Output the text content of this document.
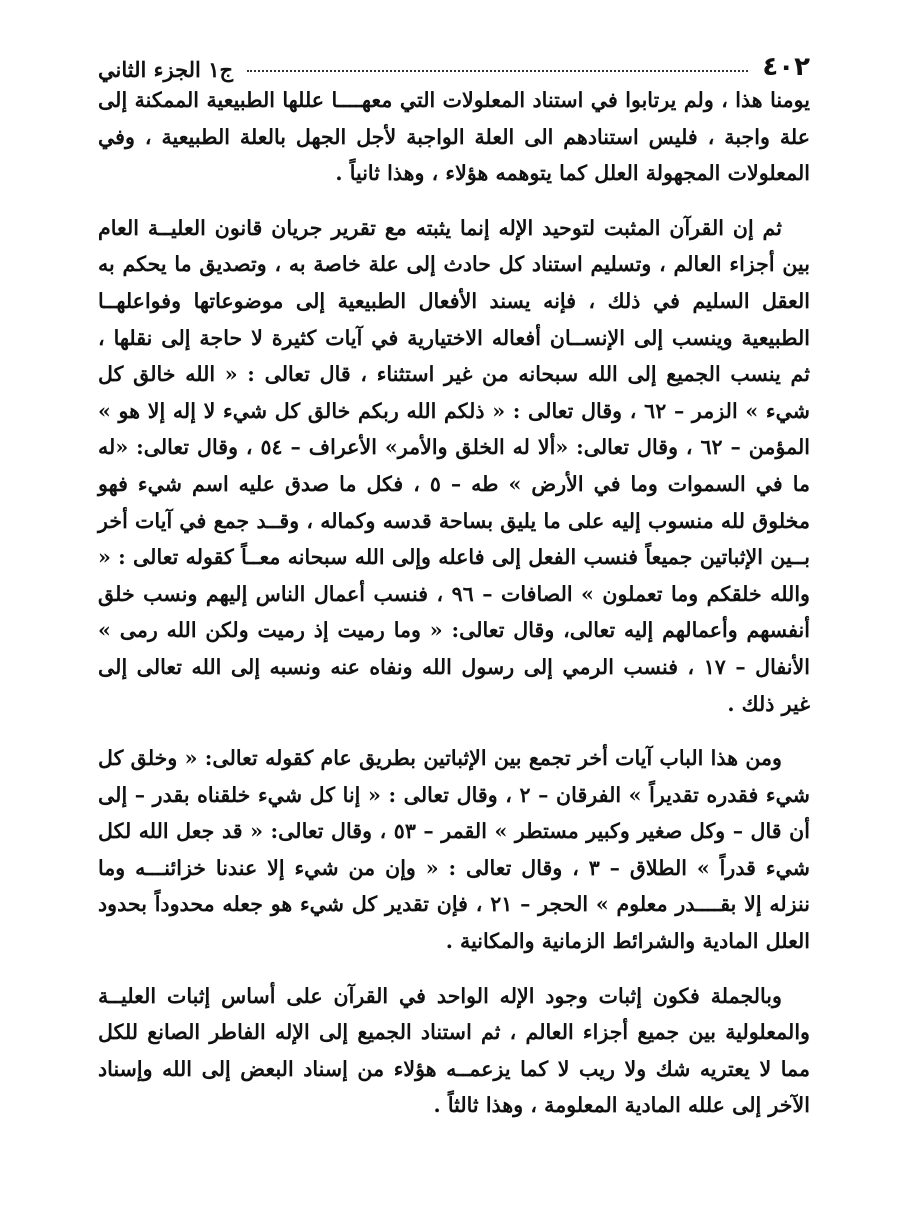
٤٠٢
ج١ الجزء الثاني

يومنا هذا ، ولم يرتابوا في استناد المعلولات التي معهــــا عللها الطبيعية الممكنة إلى علة واجبة ، فليس استنادهم الى العلة الواجبة لأجل الجهل بالعلة الطبيعية ، وفي المعلولات المجهولة العلل كما يتوهمه هؤلاء ، وهذا ثانياً .

ثم إن القرآن المثبت لتوحيد الإله إنما يثبته مع تقرير جريان قانون العليــة العام بين أجزاء العالم ، وتسليم استناد كل حادث إلى علة خاصة به ، وتصديق ما يحكم به العقل السليم في ذلك ، فإنه يسند الأفعال الطبيعية إلى موضوعاتها وفواعلهــا الطبيعية وينسب إلى الإنســان أفعاله الاختيارية في آيات كثيرة لا حاجة إلى نقلها ، ثم ينسب الجميع إلى الله سبحانه من غير استثناء ، قال تعالى : « الله خالق كل شيء » الزمر – ٦٢ ، وقال تعالى : « ذلكم الله ربكم خالق كل شيء لا إله إلا هو » المؤمن – ٦٢ ، وقال تعالى: «ألا له الخلق والأمر» الأعراف – ٥٤ ، وقال تعالى: «له ما في السموات وما في الأرض » طه – ٥ ، فكل ما صدق عليه اسم شيء فهو مخلوق لله منسوب إليه على ما يليق بساحة قدسه وكماله ، وقــد جمع في آيات أخر بــين الإثباتين جميعاً فنسب الفعل إلى فاعله وإلى الله سبحانه معــاً كقوله تعالى : « والله خلقكم وما تعملون » الصافات – ٩٦ ، فنسب أعمال الناس إليهم ونسب خلق أنفسهم وأعمالهم إليه تعالى، وقال تعالى: « وما رميت إذ رميت ولكن الله رمى » الأنفال – ١٧ ، فنسب الرمي إلى رسول الله ونفاه عنه ونسبه إلى الله تعالى إلى غير ذلك .

ومن هذا الباب آيات أخر تجمع بين الإثباتين بطريق عام كقوله تعالى: « وخلق كل شيء فقدره تقديراً » الفرقان – ٢ ، وقال تعالى : « إنا كل شيء خلقناه بقدر – إلى أن قال – وكل صغير وكبير مستطر » القمر – ٥٣ ، وقال تعالى: « قد جعل الله لكل شيء قدراً » الطلاق – ٣ ، وقال تعالى : « وإن من شيء إلا عندنا خزائنـــه وما ننزله إلا بقــــدر معلوم » الحجر – ٢١ ، فإن تقدير كل شيء هو جعله محدوداً بحدود العلل المادية والشرائط الزمانية والمكانية .

وبالجملة فكون إثبات وجود الإله الواحد في القرآن على أساس إثبات العليــة والمعلولية بين جميع أجزاء العالم ، ثم استناد الجميع إلى الإله الفاطر الصانع للكل مما لا يعتريه شك ولا ريب لا كما يزعمــه هؤلاء من إسناد البعض إلى الله وإسناد الآخر إلى علله المادية المعلومة ، وهذا ثالثاً .
